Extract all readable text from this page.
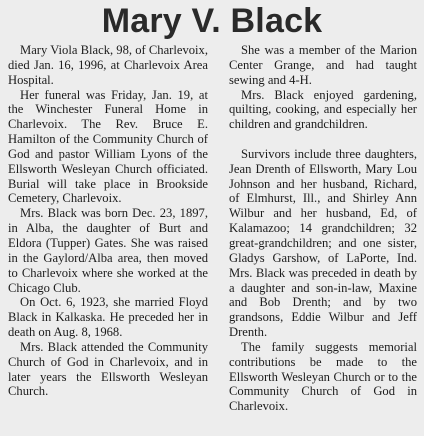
Mary V. Black

Mary Viola Black, 98, of Charlevoix, died Jan. 16, 1996, at Charlevoix Area Hospital.

Her funeral was Friday, Jan. 19, at the Winchester Funeral Home in Charlevoix. The Rev. Bruce E. Hamilton of the Community Church of God and pastor William Lyons of the Ellsworth Wesleyan Church officiated. Burial will take place in Brookside Cemetery, Charlevoix.

Mrs. Black was born Dec. 23, 1897, in Alba, the daughter of Burt and Eldora (Tupper) Gates. She was raised in the Gaylord/Alba area, then moved to Charlevoix where she worked at the Chicago Club.

On Oct. 6, 1923, she married Floyd Black in Kalkaska. He preceded her in death on Aug. 8, 1968.

Mrs. Black attended the Community Church of God in Charlevoix, and in later years the Ellsworth Wesleyan Church.

She was a member of the Marion Center Grange, and had taught sewing and 4-H.

Mrs. Black enjoyed gardening, quilting, cooking, and especially her children and grandchildren.

Survivors include three daughters, Jean Drenth of Ellsworth, Mary Lou Johnson and her husband, Richard, of Elmhurst, Ill., and Shirley Ann Wilbur and her husband, Ed, of Kalamazoo; 14 grandchildren; 32 great-grandchildren; and one sister, Gladys Garshow, of LaPorte, Ind. Mrs. Black was preceded in death by a daughter and son-in-law, Maxine and Bob Drenth; and by two grandsons, Eddie Wilbur and Jeff Drenth.

The family suggests memorial contributions be made to the Ellsworth Wesleyan Church or to the Community Church of God in Charlevoix.
